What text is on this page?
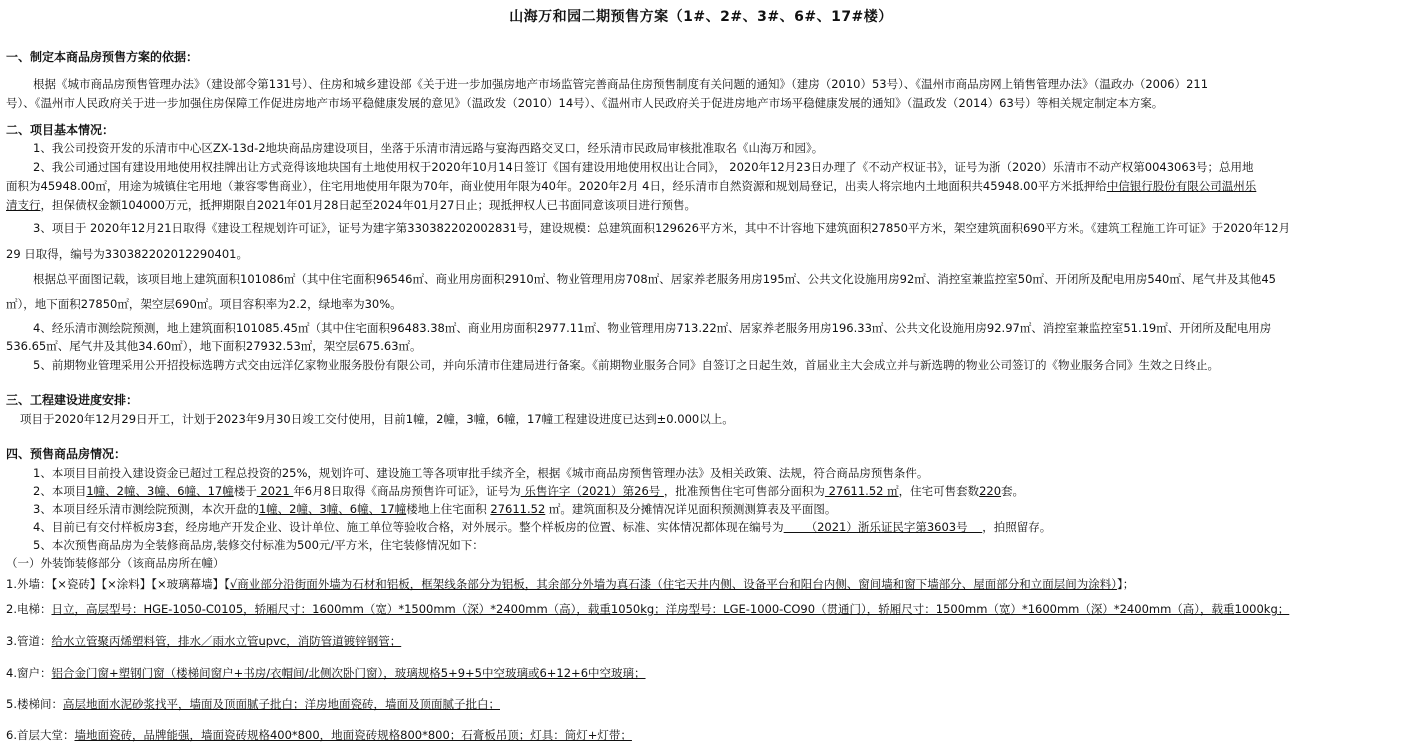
山海万和园二期预售方案（1#、2#、3#、6#、17#楼）
一、制定本商品房预售方案的依据：
根据《城市商品房预售管理办法》（建设部令第131号）、住房和城乡建设部《关于进一步加强房地产市场监管完善商品住房预售制度有关问题的通知》（建房（2010）53号）、《温州市商品房网上销售管理办法》（温政办（2006）211
号）、《温州市人民政府关于进一步加强住房保障工作促进房地产市场平稳健康发展的意见》（温政发（2010）14号）、《温州市人民政府关于促进房地产市场平稳健康发展的通知》（温政发（2014）63号）等相关规定制定本方案。
二、项目基本情况：
1、我公司投资开发的乐清市中心区ZX-13d-2地块商品房建设项目，坐落于乐清市清远路与宴海西路交叉口，经乐清市民政局审核批准取名《山海万和园》。
2、我公司通过国有建设用地使用权挂牌出让方式竞得该地块国有土地使用权于2020年10月14日签订《国有建设用地使用权出让合同》， 2020年12月23日办理了《不动产权证书》，证号为浙（2020）乐清市不动产权第0043063号；总用地
面积为45948.00㎡，用途为城镇住宅用地（兼容零售商业），住宅用地使用年限为70年，商业使用年限为40年。2020年2月 4日，经乐清市自然资源和规划局登记，出卖人将宗地内土地面积共45948.00平方米抵押给中信银行股份有限公司温州乐
清支行，担保债权金额104000万元，抵押期限自2021年01月28日起至2024年01月27日止；现抵押权人已书面同意该项目进行预售。
3、项目于 2020年12月21日取得《建设工程规划许可证》，证号为建字第330382202002831号，建设规模：总建筑面积129626平方米，其中不计容地下建筑面积27850平方米，架空建筑面积690平方米。《建筑工程施工许可证》于2020年12月
29 日取得，编号为330382202012290401。
根据总平面图记载，该项目地上建筑面积101086㎡（其中住宅面积96546㎡、商业用房面积2910㎡、物业管理用房708㎡、居家养老服务用房195㎡、公共文化设施用房92㎡、消控室兼监控室50㎡、开闭所及配电用房540㎡、尾气井及其他45
㎡），地下面积27850㎡，架空层690㎡。项目容积率为2.2，绿地率为30%。
4、经乐清市测绘院预测，地上建筑面积101085.45㎡（其中住宅面积96483.38㎡、商业用房面积2977.11㎡、物业管理用房713.22㎡、居家养老服务用房196.33㎡、公共文化设施用房92.97㎡、消控室兼监控室51.19㎡、开闭所及配电用房
536.65㎡、尾气井及其他34.60㎡），地下面积27932.53㎡，架空层675.63㎡。
5、前期物业管理采用公开招投标选聘方式交由远洋亿家物业服务股份有限公司，并向乐清市住建局进行备案。《前期物业服务合同》自签订之日起生效，首届业主大会成立并与新选聘的物业公司签订的《物业服务合同》生效之日终止。
三、工程建设进度安排：
项目于2020年12月29日开工，计划于2023年9月30日竣工交付使用，目前1幢，2幢，3幢，6幢，17幢工程建设进度已达到±0.000以上。
四、预售商品房情况：
1、本项目目前投入建设资金已超过工程总投资的25%，规划许可、建设施工等各项审批手续齐全，根据《城市商品房预售管理办法》及相关政策、法规，符合商品房预售条件。
2、本项目1幢、2幢、3幢、6幢、17幢楼于 2021 年6月8日取得《商品房预售许可证》，证号为 乐售许字（2021）第26号 ，批准预售住宅可售部分面积为 27611.52 ㎡，住宅可售套数220套。
3、本项目经乐清市测绘院预测，本次开盘的1幢、2幢、3幢、6幢、17幢楼地上住宅面积 27611.52 ㎡。建筑面积及分摊情况详见面积预测测算表及平面图。
4、目前已有交付样板房3套，经房地产开发企业、设计单位、施工单位等验收合格，对外展示。整个样板房的位置、标准、实体情况都体现在编号为      （2021）浙乐证民字第3603号    ，拍照留存。
5、本次预售商品房为全装修商品房,装修交付标准为500元/平方米，住宅装修情况如下：
（一）外装饰装修部分（该商品房所在幢）
1.外墙：【×瓷砖】【×涂料】【×玻璃幕墙】【√商业部分沿街面外墙为石材和铝板，框架线条部分为铝板，其余部分外墙为真石漆（住宅天井内侧、设备平台和阳台内侧、窗间墙和窗下墙部分、屋面部分和立面层间为涂料）】；
2.电梯：日立，高层型号：HGE-1050-C0105，轿厢尺寸：1600mm（宽）*1500mm（深）*2400mm（高），载重1050kg；洋房型号：LGE-1000-CO90（贯通门），轿厢尺寸：1500mm（宽）*1600mm（深）*2400mm（高），载重1000kg；
3.管道：给水立管聚丙烯塑料管，排水／雨水立管upvc，消防管道镀锌钢管；
4.窗户：铝合金门窗+塑钢门窗（楼梯间窗户+书房/衣帽间/北侧次卧门窗），玻璃规格5+9+5中空玻璃或6+12+6中空玻璃；
5.楼梯间：高层地面水泥砂浆找平，墙面及顶面腻子批白；洋房地面瓷砖，墙面及顶面腻子批白；
6.首层大堂：墙地面瓷砖，品牌能强，墙面瓷砖规格400*800，地面瓷砖规格800*800；石膏板吊顶；灯具：筒灯+灯带；
